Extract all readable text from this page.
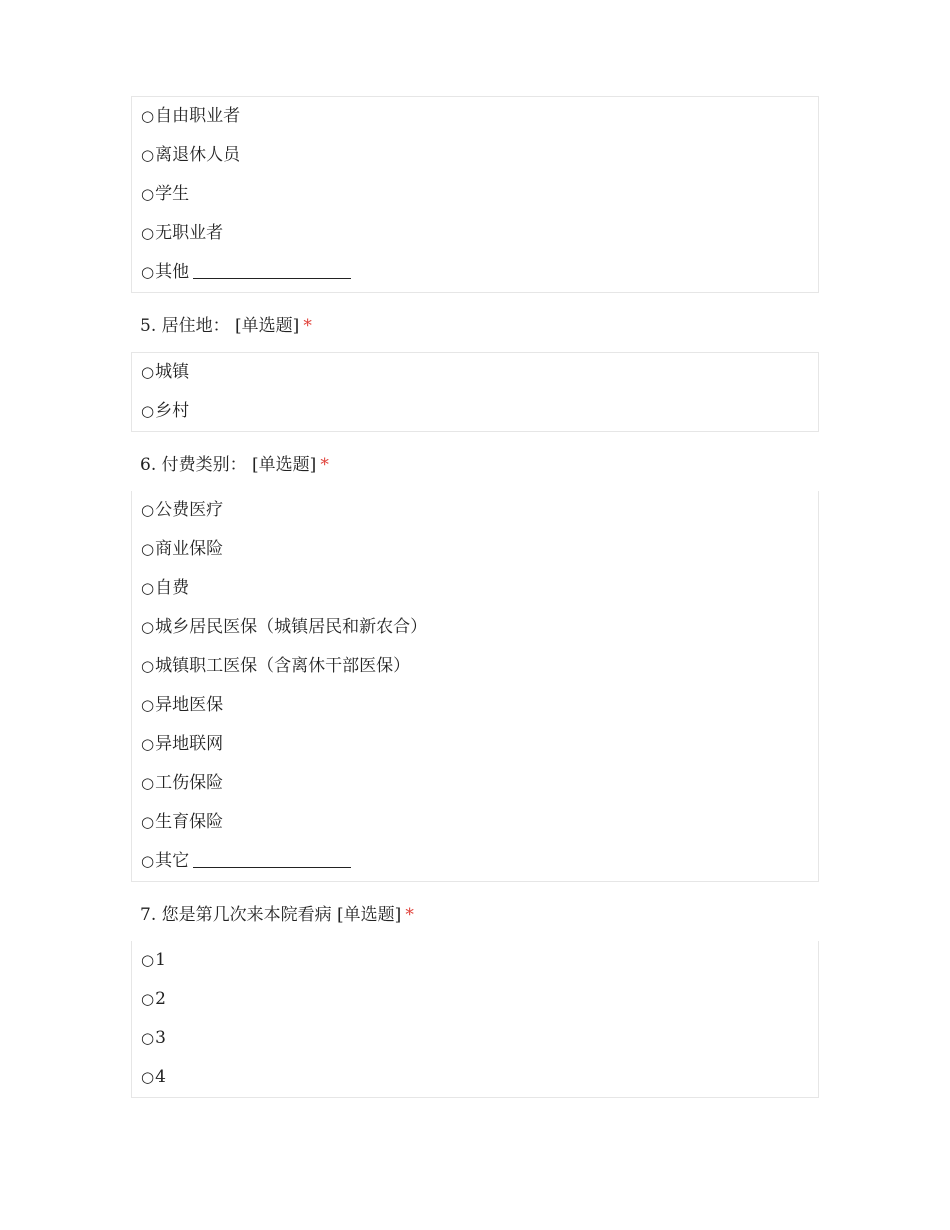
○自由职业者
○离退休人员
○学生
○无职业者
○其他
5. 居住地： [单选题] *
○城镇
○乡村
6. 付费类别： [单选题] *
○公费医疗
○商业保险
○自费
○城乡居民医保（城镇居民和新农合）
○城镇职工医保（含离休干部医保）
○异地医保
○异地联网
○工伤保险
○生育保险
○其它
7. 您是第几次来本院看病 [单选题] *
○1
○2
○3
○4
